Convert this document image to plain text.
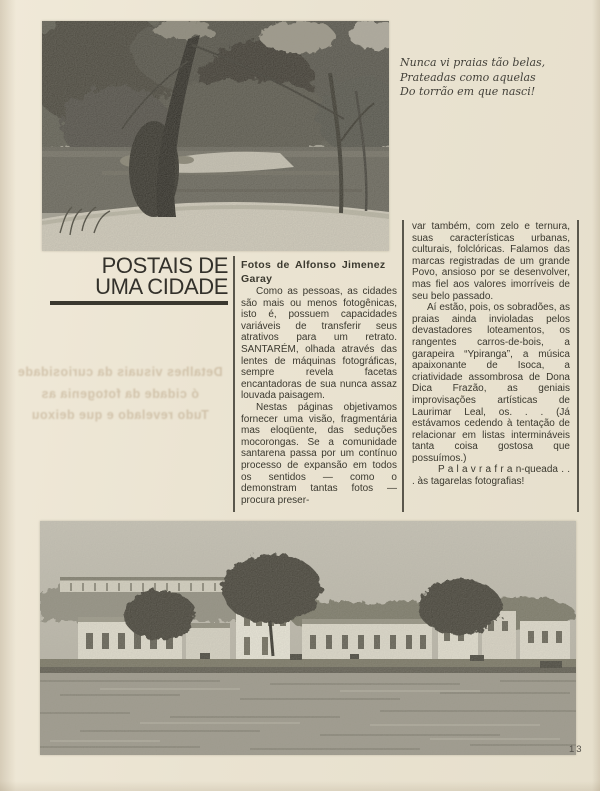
Nunca vi praias tão belas,
Prateadas como aquelas
Do torrão em que nasci!
POSTAIS DE
UMA CIDADE
Detalhes visuais da curiosidade
ó cidade da fotogenia as
Tudo revelado e que deixou

Fotos de Alfonso Jimenez Garay

Como as pessoas, as cidades são mais ou menos fotogênicas, isto é, possuem capacidades variáveis de transferir seus atrativos para um retrato. SANTARÉM, olhada através das lentes de máquinas fotográficas, sempre revela facetas encantadoras de sua nunca assaz louvada paisagem.

Nestas páginas objetivamos fornecer uma visão, fragmentária mas eloqüente, das seduções mocorongas. Se a comunidade santarena passa por um contínuo processo de expansão em todos os sentidos — como o demonstram tantas fotos — procura preser-

var também, com zelo e ternura, suas características urbanas, culturais, folclóricas. Falamos das marcas registradas de um grande Povo, ansioso por se desenvolver, mas fiel aos valores imorríveis de seu belo passado.

Aí estão, pois, os sobradões, as praias ainda invioladas pelos devastadores loteamentos, os rangentes carros-de-bois, a garapeira “Ypiranga”, a música apaixonante de Isoca, a criatividade assombrosa de Dona Dica Frazão, as geniais improvisações artísticas de Laurimar Leal, os. . . (Já estávamos cedendo à tentação de relacionar em listas intermináveis tanta coisa gostosa que possuímos.)

P a l a v r a f r a n-queada . . . às tagarelas fotografias!

13
